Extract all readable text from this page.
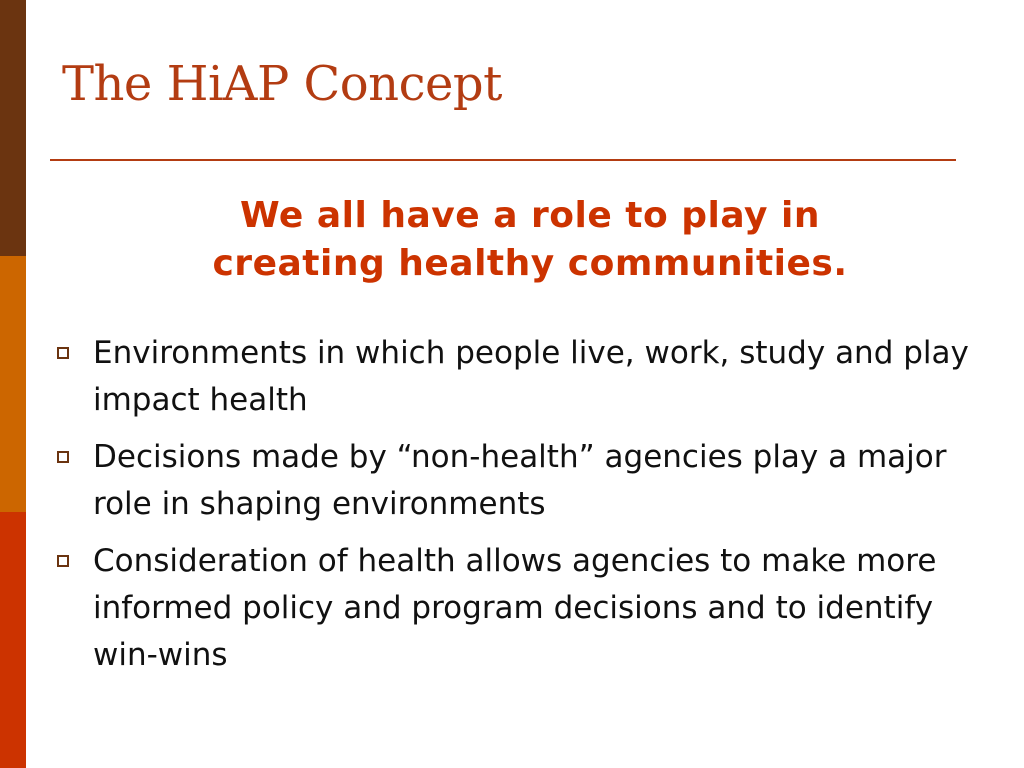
The HiAP Concept
We all have a role to play in
creating healthy communities.
Environments in which people live, work, study and play impact health
Decisions made by “non-health” agencies play a major role in shaping environments
Consideration of health allows agencies to make more informed policy and program decisions and to identify win-wins
